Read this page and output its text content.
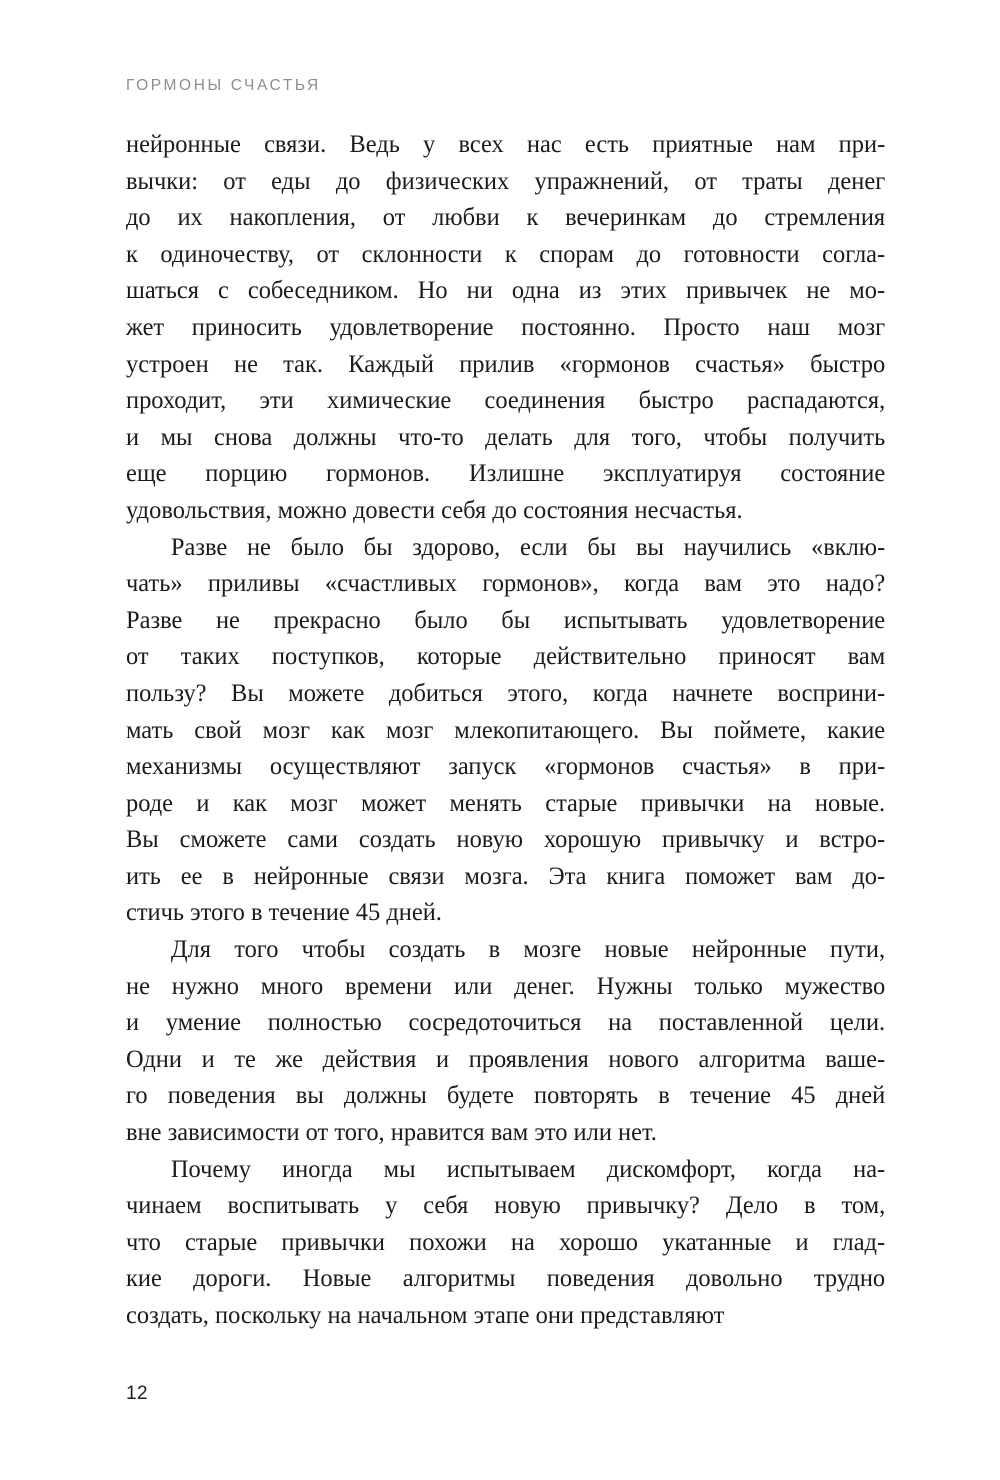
ГОРМОНЫ СЧАСТЬЯ

нейронные связи. Ведь у всех нас есть приятные нам при-
вычки: от еды до физических упражнений, от траты денег
до их накопления, от любви к вечеринкам до стремления
к одиночеству, от склонности к спорам до готовности согла-
шаться с собеседником. Но ни одна из этих привычек не мо-
жет приносить удовлетворение постоянно. Просто наш мозг
устроен не так. Каждый прилив «гормонов счастья» быстро
проходит, эти химические соединения быстро распадаются,
и мы снова должны что-то делать для того, чтобы получить
еще порцию гормонов. Излишне эксплуатируя состояние
удовольствия, можно довести себя до состояния несчастья.

Разве не было бы здорово, если бы вы научились «вклю-
чать» приливы «счастливых гормонов», когда вам это надо?
Разве не прекрасно было бы испытывать удовлетворение
от таких поступков, которые действительно приносят вам
пользу? Вы можете добиться этого, когда начнете восприни-
мать свой мозг как мозг млекопитающего. Вы поймете, какие
механизмы осуществляют запуск «гормонов счастья» в при-
роде и как мозг может менять старые привычки на новые.
Вы сможете сами создать новую хорошую привычку и встро-
ить ее в нейронные связи мозга. Эта книга поможет вам до-
стичь этого в течение 45 дней.

Для того чтобы создать в мозге новые нейронные пути,
не нужно много времени или денег. Нужны только мужество
и умение полностью сосредоточиться на поставленной цели.
Одни и те же действия и проявления нового алгоритма ваше-
го поведения вы должны будете повторять в течение 45 дней
вне зависимости от того, нравится вам это или нет.

Почему иногда мы испытываем дискомфорт, когда на-
чинаем воспитывать у себя новую привычку? Дело в том,
что старые привычки похожи на хорошо укатанные и глад-
кие дороги. Новые алгоритмы поведения довольно трудно
создать, поскольку на начальном этапе они представляют

12
